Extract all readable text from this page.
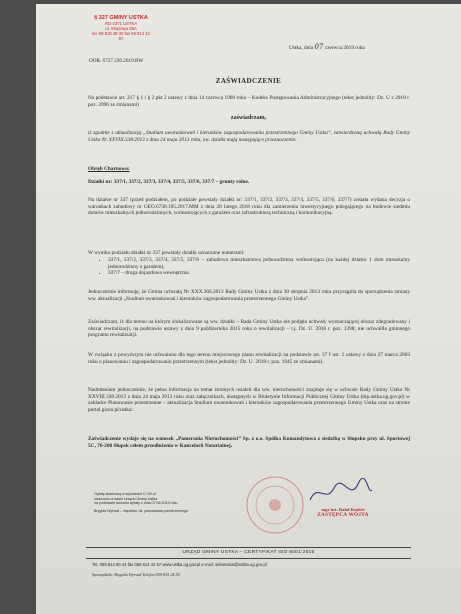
§ 327 GMINY USTKA
RO-2371 USTKA
ul. Wiązowa 28A
tel. 59 815 48 30 fax 59 814 42 57
OOR. 6727.236.2019.BW
Ustka, dnia 07 czerwca 2019 roku
ZAŚWIADCZENIE
Na podstawie art. 217 § 1 i § 2 pkt 2 ustawy z dnia 14 czerwca 1960 roku – Kodeks Postępowania Administracyjnego (tekst jednolity: Dz. U z 2018 r. poz. 2096 ze zmianami)
zaświadczam,
iż zgodnie z aktualizacją „Studium uwarunkowań i kierunków zagospodarowania przestrzennego Gminy Ustka”, zatwierdzoną uchwałą Rady Gminy Ustka Nr XXVIII.338.2013 z dnia 24 maja 2013 roku, nw. działki mają następujące przeznaczenie:
Obręb Charnowo:
Działki nr: 337/1, 337/2, 337/3, 337/4, 337/5, 337/6, 337/7 – grunty rolne.
Na działce nr 337 (przed podziałem, po podziale powstały działki nr: 337/1, 337/2, 337/3, 337/4, 337/5, 337/6, 337/7) została wydana decyzja o warunkach zabudowy nr GEO.6730.105.2017.MM z dnia 28 lutego 2018 roku dla zamierzenia inwestycyjnego polegającego na budowie siedmiu domów mieszkalnych jednorodzinnych, wolnostojących z garażem oraz infrastrukturą techniczną i komunikacyjną.
W wyniku podziału działki nr 337 powstały działki oznaczone numerami:
• 337/1, 337/2, 337/3, 337/4, 337/5, 337/6 – zabudowa mieszkaniowa jednorodzinna wolnostojąca (na każdej działce 1 dom mieszkalny jednorodzinny z garażem),
• 337/7 – droga dojazdowa wewnętrzna.
Jednocześnie informuję, że Gmina uchwałą Nr XXX.366.2013 Rady Gminy Ustka z dnia 30 sierpnia 2013 roku przystąpiła do sporządzenia zmiany ww. aktualizacji „Studium uwarunkowań i kierunków zagospodarowania przestrzennego Gminy Ustka”.
Zaświadczam, iż dla terenu na którym zlokalizowane są ww. działki – Rada Gminy Ustka nie podjęła uchwały wyznaczającej obszar zdegradowany i obszar rewitalizacji, na podstawie ustawy z dnia 9 października 2015 roku o rewitalizacji – t.j. Dz. U. 2018 r. poz. 1398; nie uchwaliła gminnego programu rewitalizacji.
W związku z powyższym nie uchwalono dla tego terenu miejscowego planu rewitalizacji na podstawie art. 37 f ust. 1 ustawy z dnia 27 marca 2003 roku o planowaniu i zagospodarowaniu przestrzennym (tekst jednolity: Dz. U. 2018 r. poz. 1945 ze zmianami).
Nadmieniam jednocześnie, że pełna informacja na temat istotnych ustaleń dla ww. nieruchomości znajduje się w uchwale Rady Gminy Ustka Nr XXVIII.338.2013 z dnia 24 maja 2013 roku oraz załącznikach, dostępnych w Biuletynie Informacji Publicznej Gminy Ustka (bip.ustka.ug.gov.pl) w zakładce Planowanie przestrzenne – aktualizacja Studium uwarunkowań i kierunków zagospodarowania przestrzennego Gminy Ustka oraz na stronie portal.gison.pl/ustka/.
Zaświadczenie wydaje się na wniosek „Pomerania Nieruchomości” Sp. z o.o. Spółka Komandytowa z siedzibą w Słupsku przy ul. Sportowej 5C, 76-200 Słupsk celem przedłożenia w Kancelarii Notarialnej.
Opłatę skarbową w wysokości 17,00 zł
uiszczono w kasie Urzędu Gminy Ustka
na podstawie dowodu wpłaty z dnia 07.06.2019 roku
Brygida Wyrwał – inspektor ds. planowania przestrzennego	mgr inż. Rafał Kudris
ZASTĘPCA WÓJTA
URZĄD GMINY USTKA – CERTYFIKAT ISO 9001:2015
Tel. 059 814 60 44 fax 059 814 42 57 www.ustka.ug.gov.pl e-mail: sekretariat@ustka.ug.gov.pl
Sporządziła: Brygida Wyrwał Telefon 059 815 24 56
